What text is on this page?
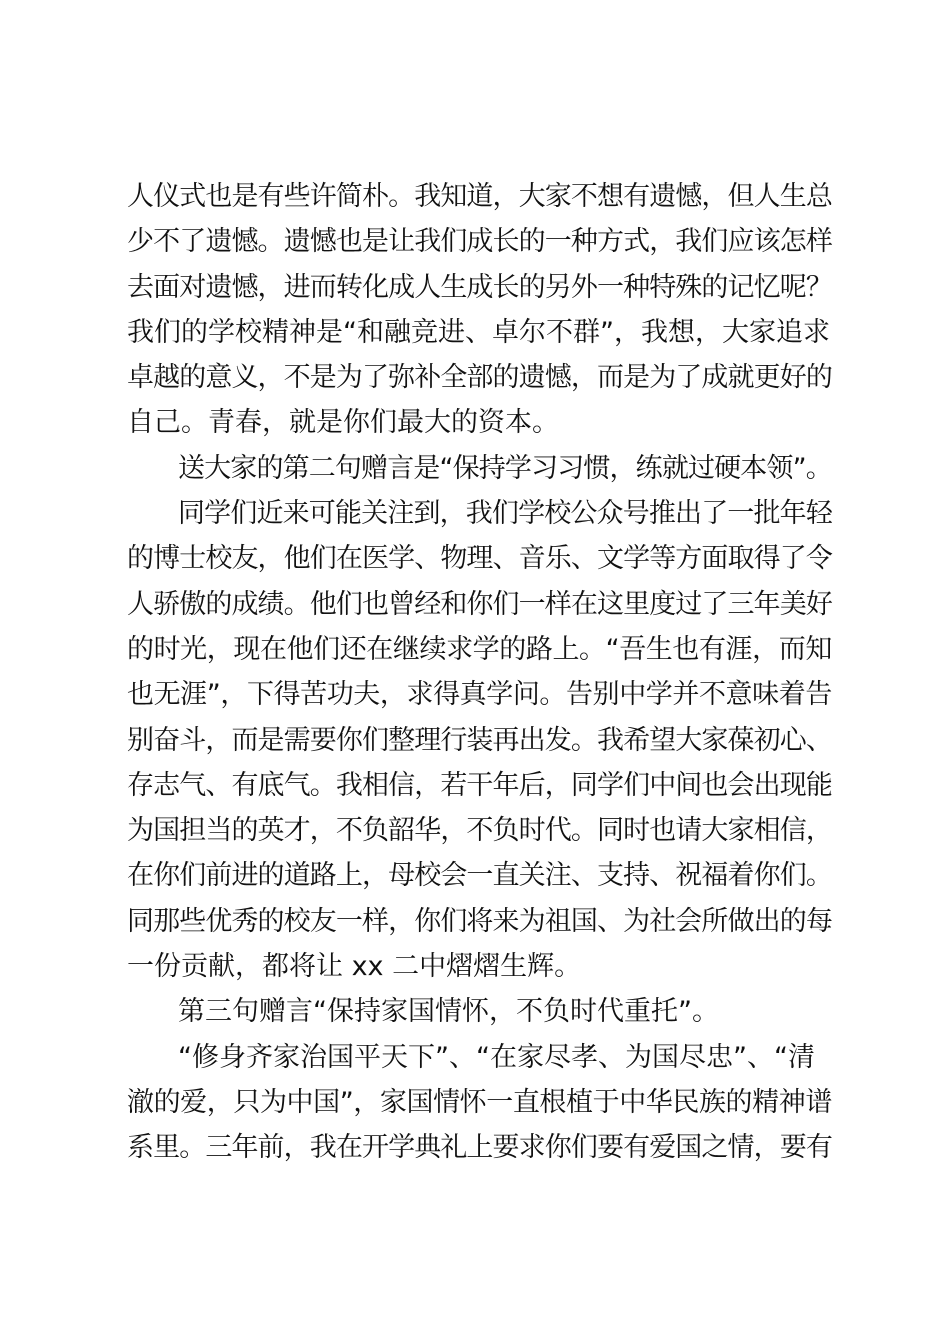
人仪式也是有些许简朴。我知道，大家不想有遗憾，但人生总
少不了遗憾。遗憾也是让我们成长的一种方式，我们应该怎样
去面对遗憾，进而转化成人生成长的另外一种特殊的记忆呢？
我们的学校精神是“和融竞进、卓尔不群”，我想，大家追求
卓越的意义，不是为了弥补全部的遗憾，而是为了成就更好的
自己。青春，就是你们最大的资本。
送大家的第二句赠言是“保持学习习惯，练就过硬本领”。
同学们近来可能关注到，我们学校公众号推出了一批年轻
的博士校友，他们在医学、物理、音乐、文学等方面取得了令
人骄傲的成绩。他们也曾经和你们一样在这里度过了三年美好
的时光，现在他们还在继续求学的路上。“吾生也有涯，而知
也无涯”，下得苦功夫，求得真学问。告别中学并不意味着告
别奋斗，而是需要你们整理行装再出发。我希望大家葆初心、
存志气、有底气。我相信，若干年后，同学们中间也会出现能
为国担当的英才，不负韶华，不负时代。同时也请大家相信，
在你们前进的道路上，母校会一直关注、支持、祝福着你们。
同那些优秀的校友一样，你们将来为祖国、为社会所做出的每
一份贡献，都将让 xx 二中熠熠生辉。
第三句赠言“保持家国情怀，不负时代重托”。
“修身齐家治国平天下”、“在家尽孝、为国尽忠”、“清
澈的爱，只为中国”，家国情怀一直根植于中华民族的精神谱
系里。三年前，我在开学典礼上要求你们要有爱国之情，要有
